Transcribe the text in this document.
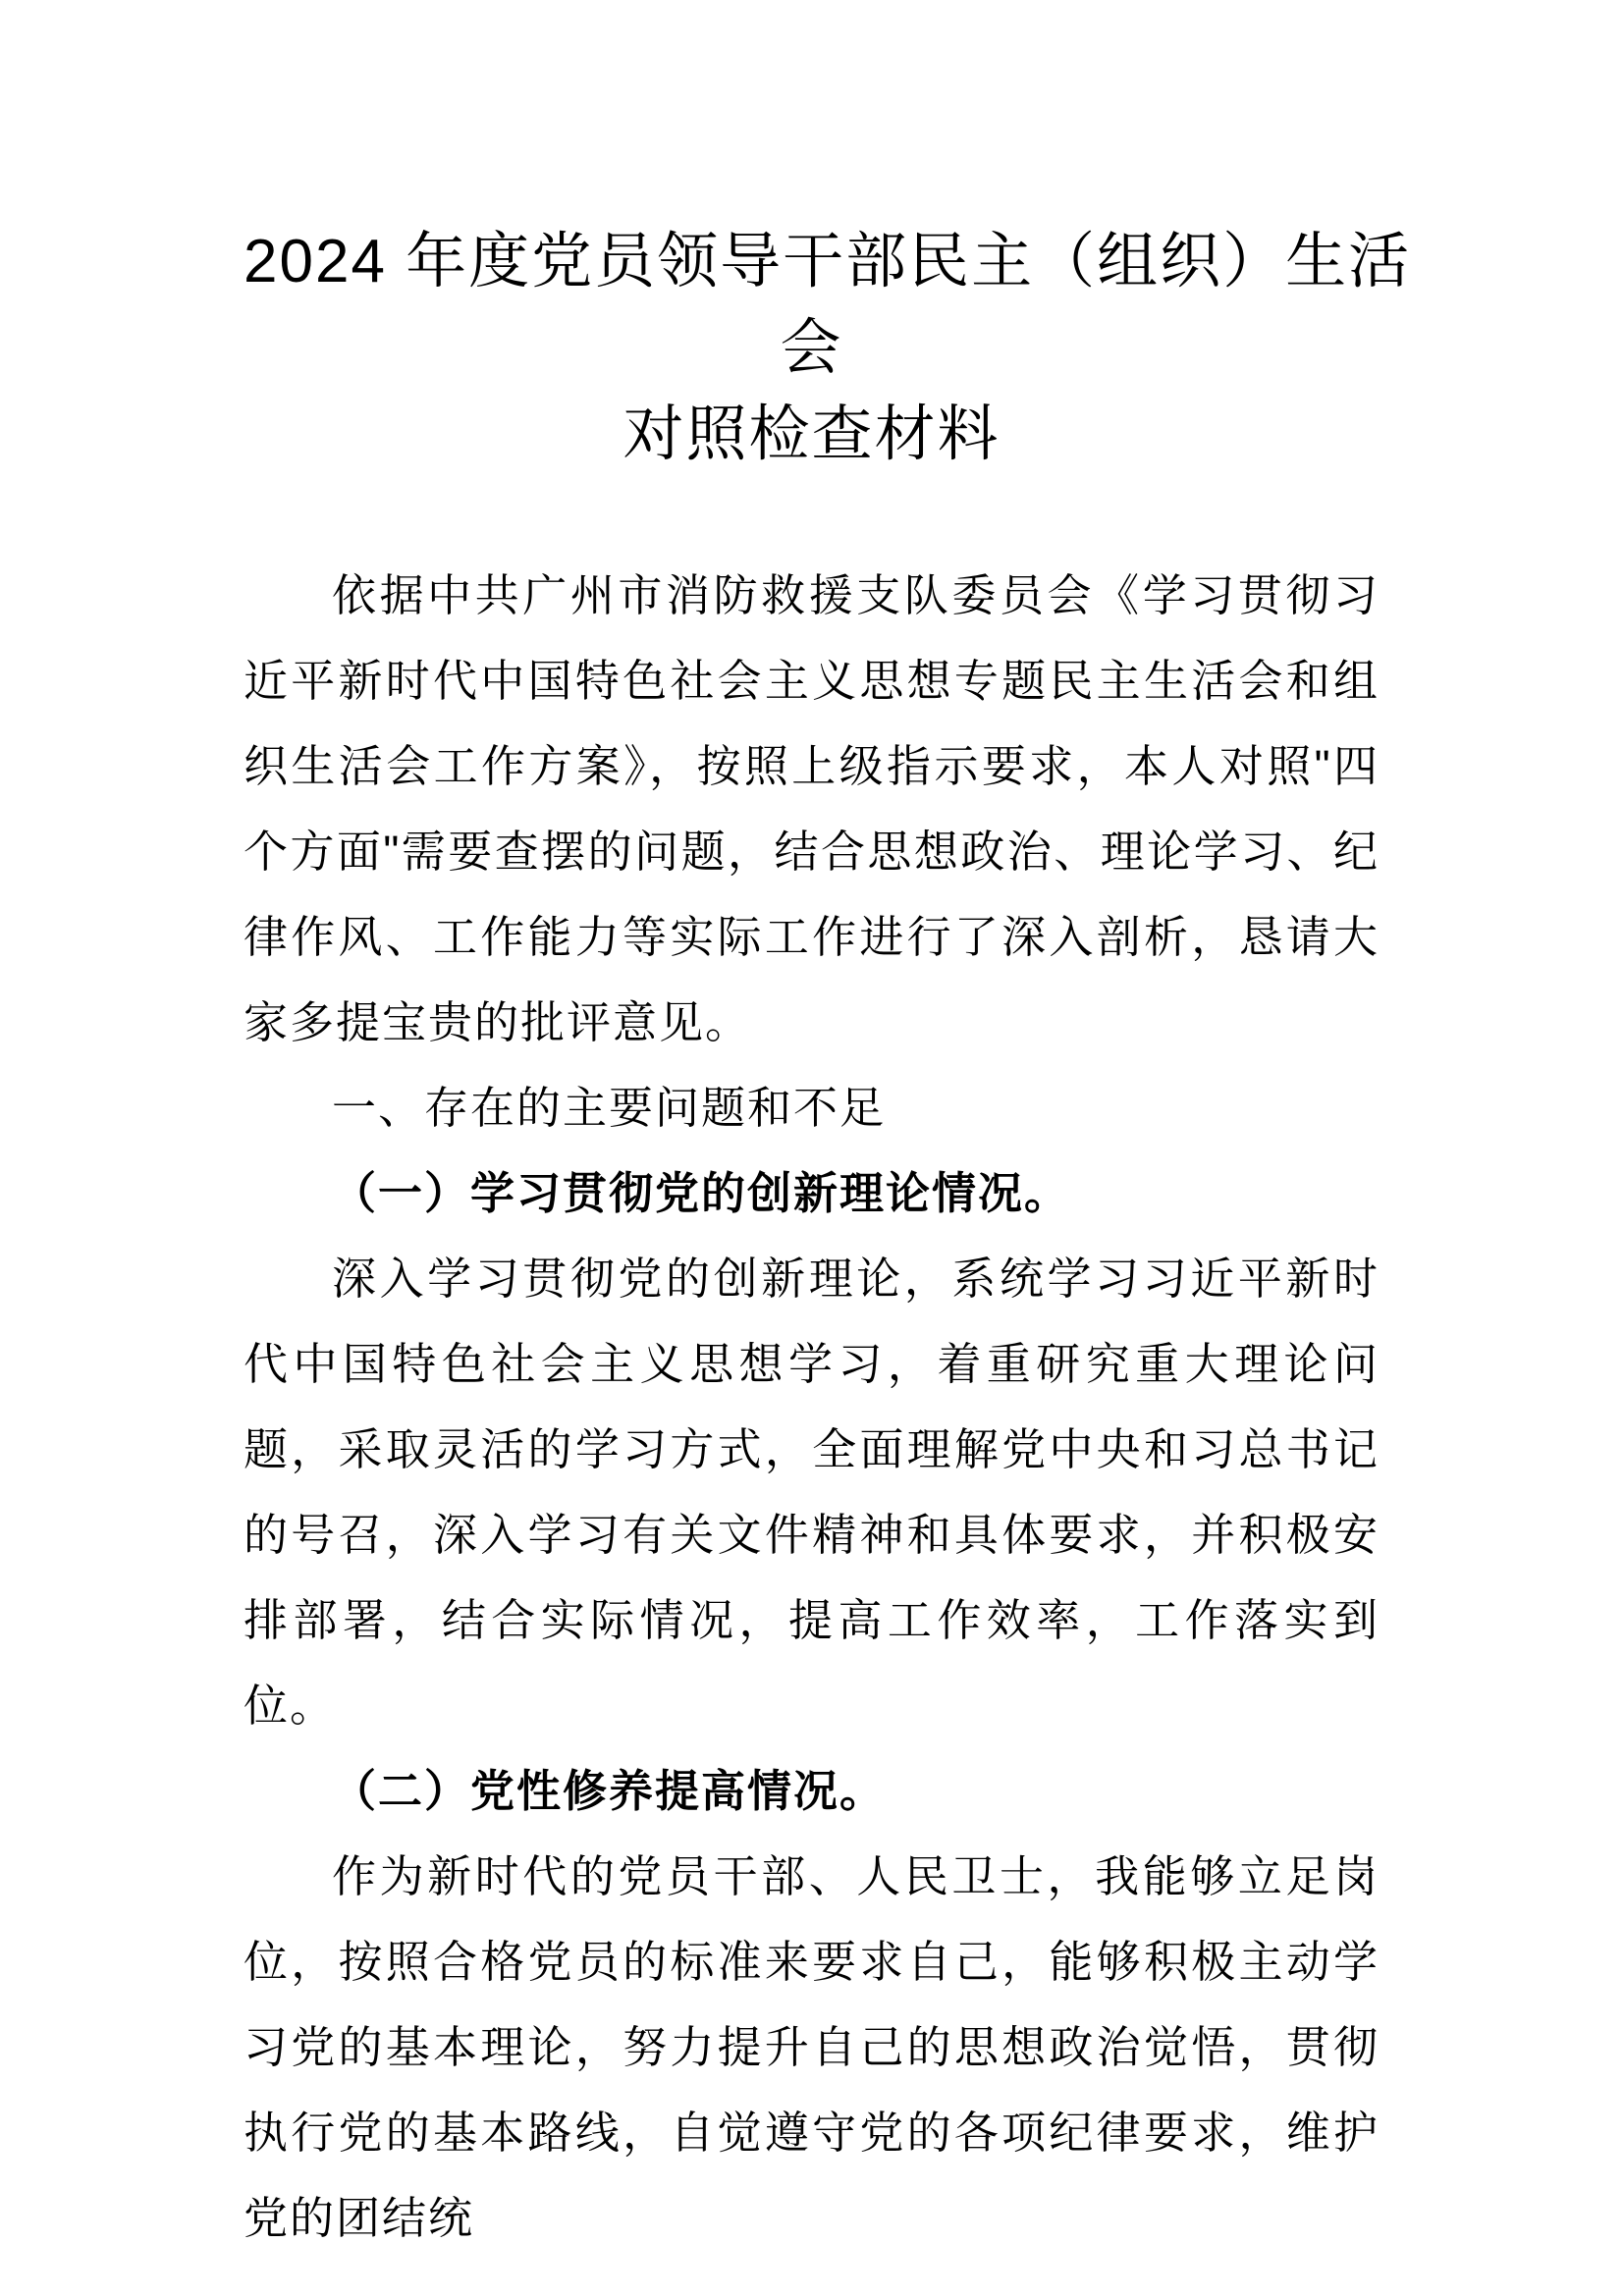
2024 年度党员领导干部民主（组织）生活
会
对照检查材料

依据中共广州市消防救援支队委员会《学习贯彻习近平新时代中国特色社会主义思想专题民主生活会和组织生活会工作方案》，按照上级指示要求，本人对照"四个方面"需要查摆的问题，结合思想政治、理论学习、纪律作风、工作能力等实际工作进行了深入剖析，恳请大家多提宝贵的批评意见。

一、存在的主要问题和不足

（一）学习贯彻党的创新理论情况。

深入学习贯彻党的创新理论，系统学习习近平新时代中国特色社会主义思想学习，着重研究重大理论问题，采取灵活的学习方式，全面理解党中央和习总书记的号召，深入学习有关文件精神和具体要求，并积极安排部署，结合实际情况，提高工作效率，工作落实到位。

（二）党性修养提高情况。

作为新时代的党员干部、人民卫士，我能够立足岗位，按照合格党员的标准来要求自己，能够积极主动学习党的基本理论，努力提升自己的思想政治觉悟，贯彻执行党的基本路线，自觉遵守党的各项纪律要求，维护党的团结统
